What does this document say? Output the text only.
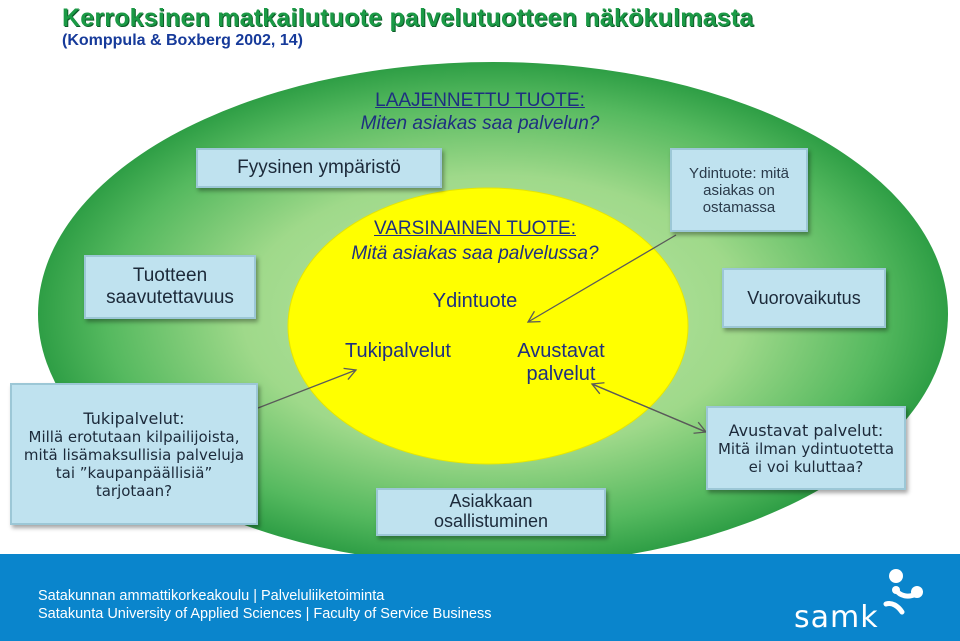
Kerroksinen matkailutuote palvelutuotteen näkökulmasta
(Komppula & Boxberg 2002, 14)
LAAJENNETTU TUOTE:
Miten asiakas saa palvelun?
Fyysinen ympäristö
VARSINAINEN TUOTE:
Mitä asiakas saa palvelussa?
Ydintuote
Tukipalvelut	Avustavat
palvelut
Tuotteen
saavutettavuus
Ydintuote: mitä
asiakas on
ostamassa
Vuorovaikutus
Tukipalvelut:
Millä erotutaan kilpailijoista,
mitä lisämaksullisia palveluja
tai ”kaupanpäällisiä”
tarjotaan?
Asiakkaan
osallistuminen
Avustavat palvelut:
Mitä ilman ydintuotetta
ei voi kuluttaa?
Satakunnan ammattikorkeakoulu | Palveluliiketoiminta
Satakunta University of Applied Sciences | Faculty of Service Business	samk
